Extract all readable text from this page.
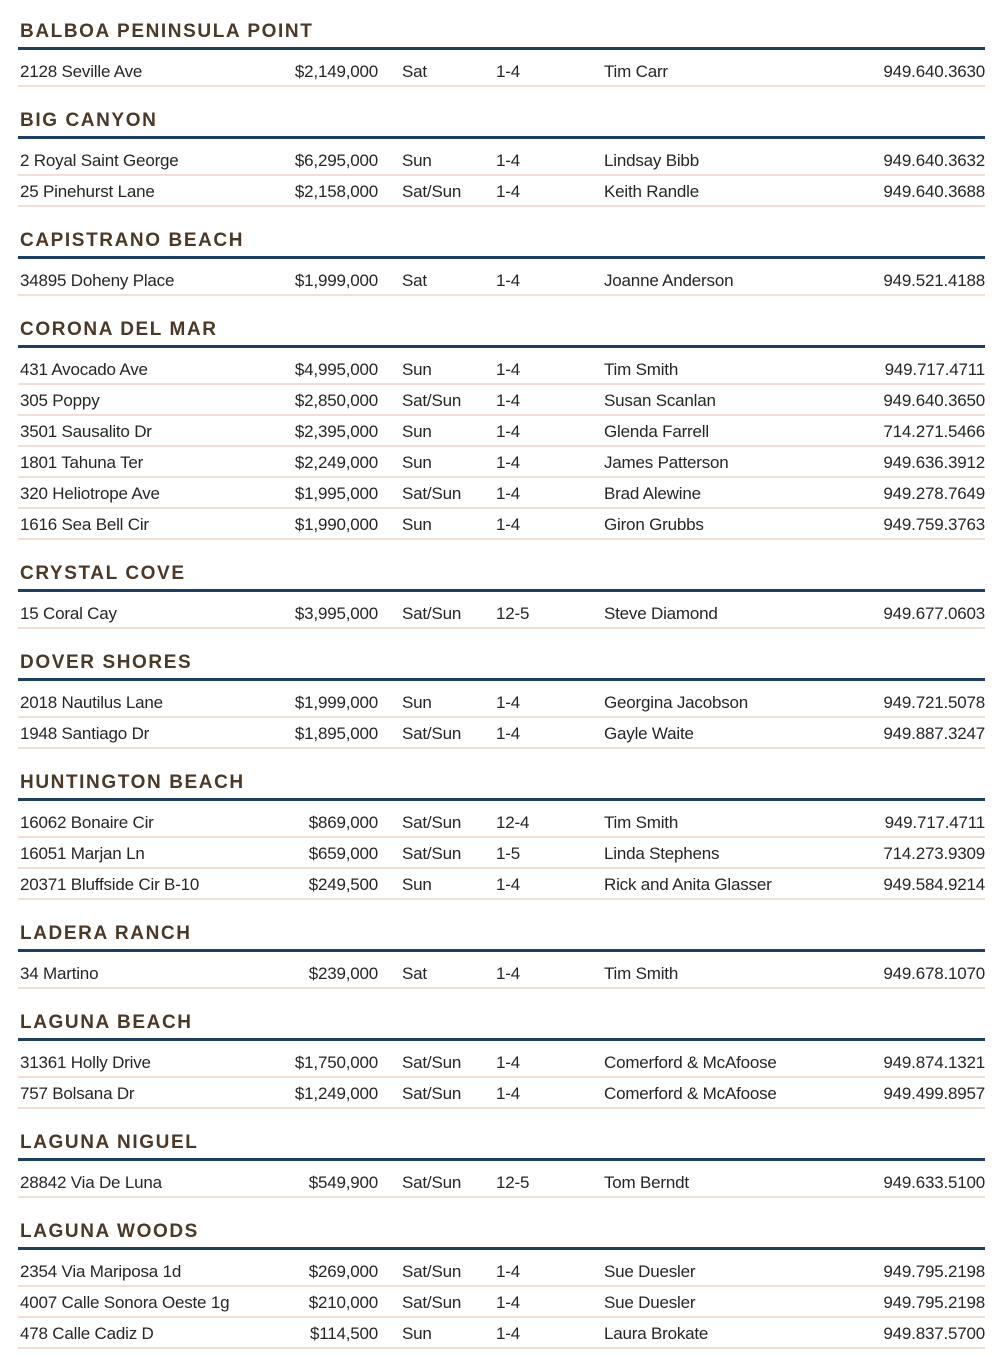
BALBOA PENINSULA POINT
2128 Seville Ave	$2,149,000 Sat	1-4	Tim Carr	949.640.3630
BIG CANYON
2 Royal Saint George	$6,295,000 Sun	1-4	Lindsay Bibb	949.640.3632
25 Pinehurst Lane	$2,158,000 Sat/Sun	1-4	Keith Randle	949.640.3688
CAPISTRANO BEACH
34895 Doheny Place	$1,999,000 Sat	1-4	Joanne Anderson	949.521.4188
CORONA DEL MAR
431 Avocado Ave	$4,995,000 Sun	1-4	Tim Smith	949.717.4711
305 Poppy	$2,850,000 Sat/Sun	1-4	Susan Scanlan	949.640.3650
3501 Sausalito Dr	$2,395,000 Sun	1-4	Glenda Farrell	714.271.5466
1801 Tahuna Ter	$2,249,000 Sun	1-4	James Patterson	949.636.3912
320 Heliotrope Ave	$1,995,000 Sat/Sun	1-4	Brad Alewine	949.278.7649
1616 Sea Bell Cir	$1,990,000 Sun	1-4	Giron Grubbs	949.759.3763
CRYSTAL COVE
15 Coral Cay	$3,995,000 Sat/Sun	12-5	Steve Diamond	949.677.0603
DOVER SHORES
2018 Nautilus Lane	$1,999,000 Sun	1-4	Georgina Jacobson	949.721.5078
1948 Santiago Dr	$1,895,000 Sat/Sun	1-4	Gayle Waite	949.887.3247
HUNTINGTON BEACH
16062 Bonaire Cir	$869,000 Sat/Sun	12-4	Tim Smith	949.717.4711
16051 Marjan Ln	$659,000 Sat/Sun	1-5	Linda Stephens	714.273.9309
20371 Bluffside Cir B-10	$249,500 Sun	1-4	Rick and Anita Glasser	949.584.9214
LADERA RANCH
34 Martino	$239,000 Sat	1-4	Tim Smith	949.678.1070
LAGUNA BEACH
31361 Holly Drive	$1,750,000 Sat/Sun	1-4	Comerford & McAfoose	949.874.1321
757 Bolsana Dr	$1,249,000 Sat/Sun	1-4	Comerford & McAfoose	949.499.8957
LAGUNA NIGUEL
28842 Via De Luna	$549,900 Sat/Sun	12-5	Tom Berndt	949.633.5100
LAGUNA WOODS
2354 Via Mariposa 1d	$269,000 Sat/Sun	1-4	Sue Duesler	949.795.2198
4007 Calle Sonora Oeste 1g	$210,000 Sat/Sun	1-4	Sue Duesler	949.795.2198
478 Calle Cadiz D	$114,500 Sun	1-4	Laura Brokate	949.837.5700
